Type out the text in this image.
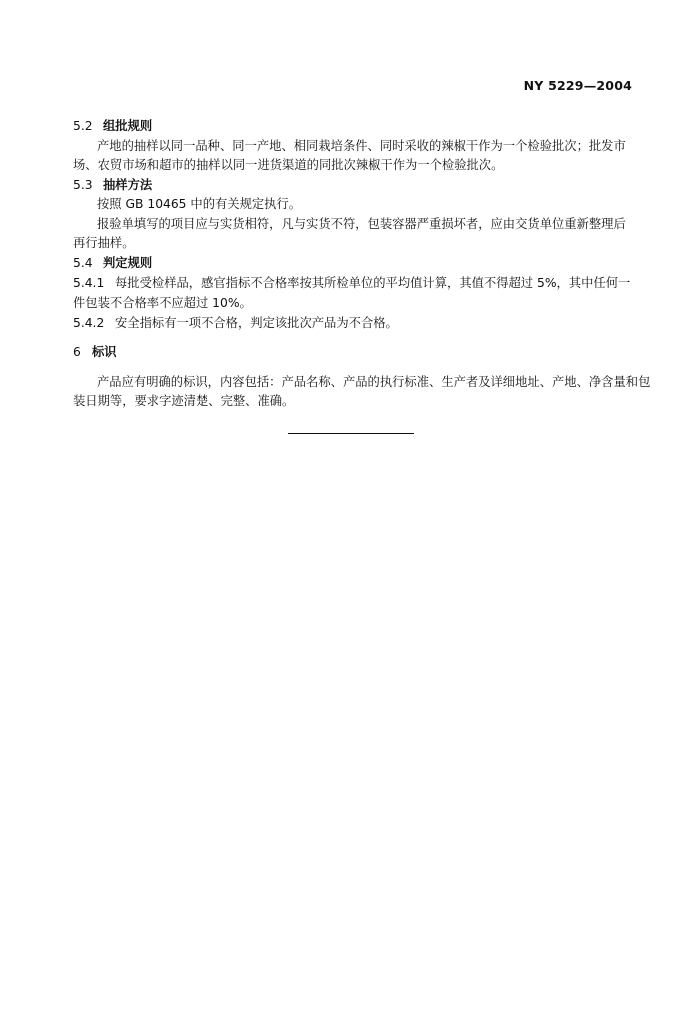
NY 5229—2004
5.2 组批规则
产地的抽样以同一品种、同一产地、相同栽培条件、同时采收的辣椒干作为一个检验批次；批发市
场、农贸市场和超市的抽样以同一进货渠道的同批次辣椒干作为一个检验批次。
5.3 抽样方法
按照 GB 10465 中的有关规定执行。
报验单填写的项目应与实货相符，凡与实货不符，包装容器严重损坏者，应由交货单位重新整理后
再行抽样。
5.4 判定规则
5.4.1 每批受检样品，感官指标不合格率按其所检单位的平均值计算，其值不得超过 5%，其中任何一
件包装不合格率不应超过 10%。
5.4.2 安全指标有一项不合格，判定该批次产品为不合格。
6 标识
产品应有明确的标识，内容包括：产品名称、产品的执行标准、生产者及详细地址、产地、净含量和包
装日期等，要求字迹清楚、完整、准确。
